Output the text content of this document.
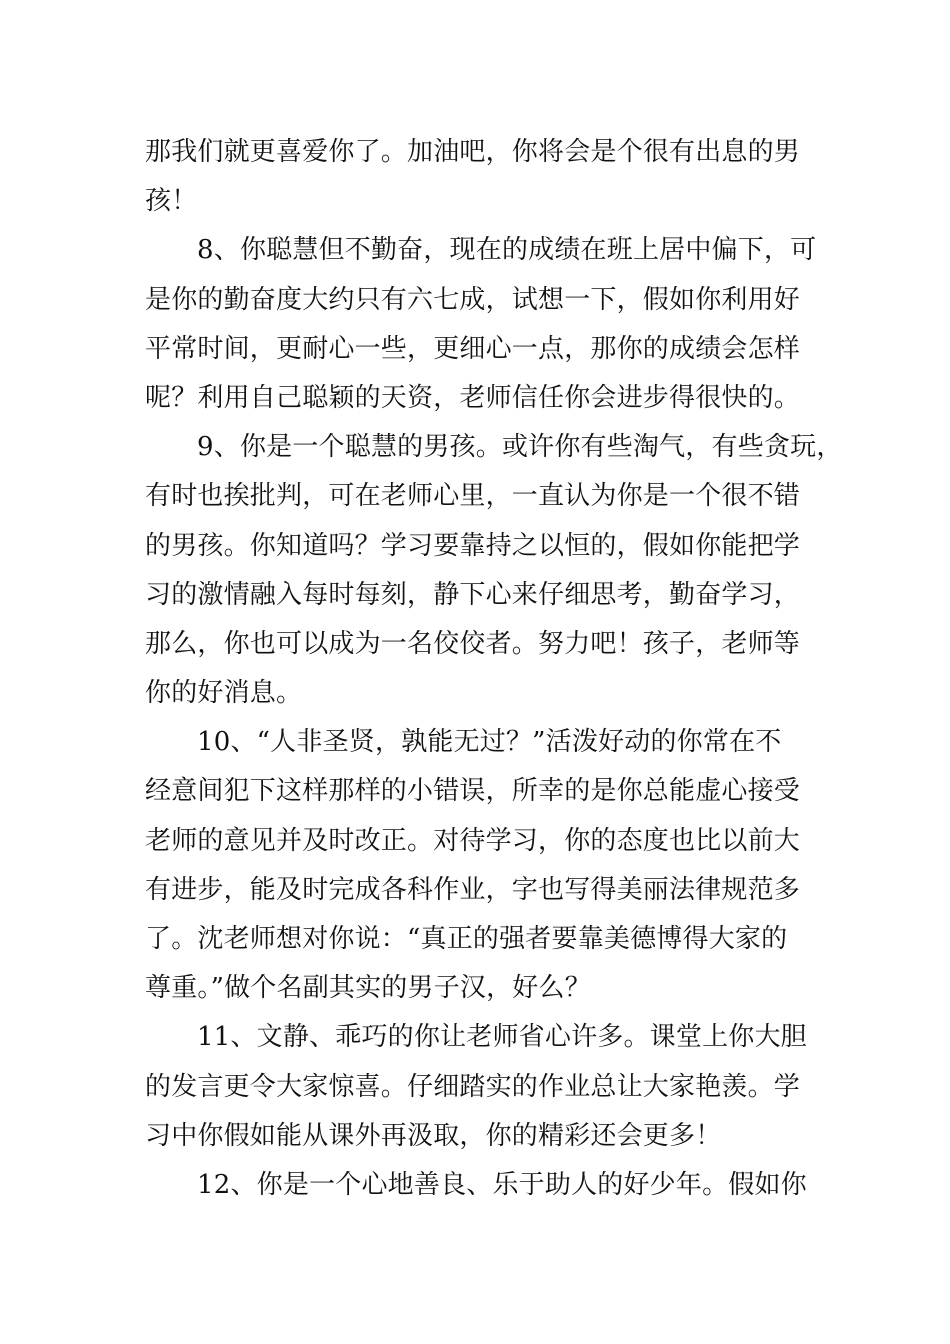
那我们就更喜爱你了。加油吧，你将会是个很有出息的男
孩！
8、你聪慧但不勤奋，现在的成绩在班上居中偏下，可
是你的勤奋度大约只有六七成，试想一下，假如你利用好
平常时间，更耐心一些，更细心一点，那你的成绩会怎样
呢？利用自己聪颖的天资，老师信任你会进步得很快的。
9、你是一个聪慧的男孩。或许你有些淘气，有些贪玩，
有时也挨批判，可在老师心里，一直认为你是一个很不错
的男孩。你知道吗？学习要靠持之以恒的，假如你能把学
习的激情融入每时每刻，静下心来仔细思考，勤奋学习，
那么，你也可以成为一名佼佼者。努力吧！孩子，老师等
你的好消息。
10、“人非圣贤，孰能无过？”活泼好动的你常在不
经意间犯下这样那样的小错误，所幸的是你总能虚心接受
老师的意见并及时改正。对待学习，你的态度也比以前大
有进步，能及时完成各科作业，字也写得美丽法律规范多
了。沈老师想对你说：“真正的强者要靠美德博得大家的
尊重。”做个名副其实的男子汉，好么？
11、文静、乖巧的你让老师省心许多。课堂上你大胆
的发言更令大家惊喜。仔细踏实的作业总让大家艳羡。学
习中你假如能从课外再汲取，你的精彩还会更多！
12、你是一个心地善良、乐于助人的好少年。假如你
